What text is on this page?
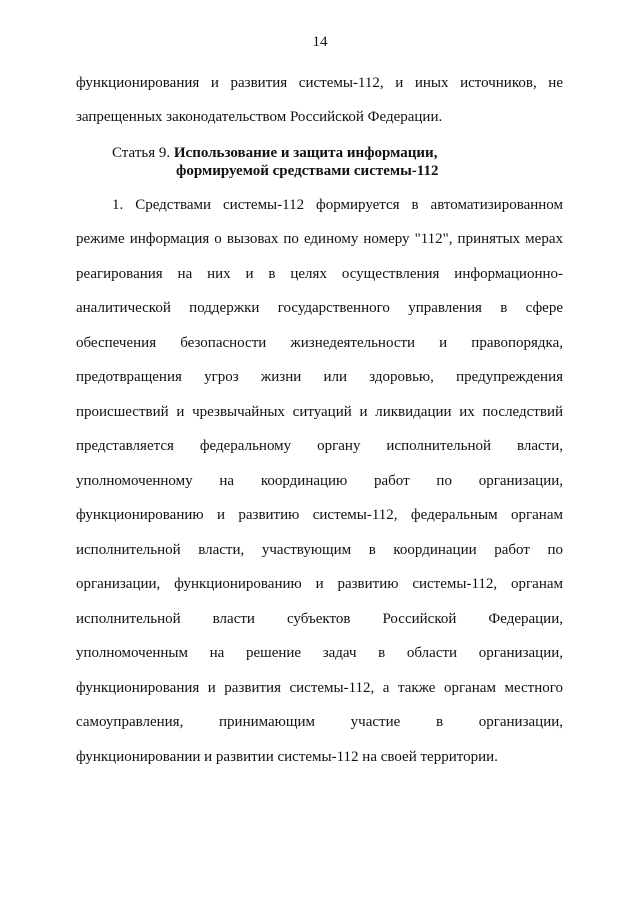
14
функционирования и развития системы-112, и иных источников, не
запрещенных законодательством Российской Федерации.
Статья 9. Использование и защита информации,
формируемой средствами системы-112
1. Средствами системы-112 формируется в автоматизированном
режиме информация о вызовах по единому номеру "112", принятых мерах
реагирования на них и в целях осуществления информационно-
аналитической поддержки государственного управления в сфере
обеспечения безопасности жизнедеятельности и правопорядка,
предотвращения угроз жизни или здоровью, предупреждения
происшествий и чрезвычайных ситуаций и ликвидации их последствий
представляется федеральному органу исполнительной власти,
уполномоченному на координацию работ по организации,
функционированию и развитию системы-112, федеральным органам
исполнительной власти, участвующим в координации работ по
организации, функционированию и развитию системы-112, органам
исполнительной власти субъектов Российской Федерации,
уполномоченным на решение задач в области организации,
функционирования и развития системы-112, а также органам местного
самоуправления, принимающим участие в организации,
функционировании и развитии системы-112 на своей территории.
